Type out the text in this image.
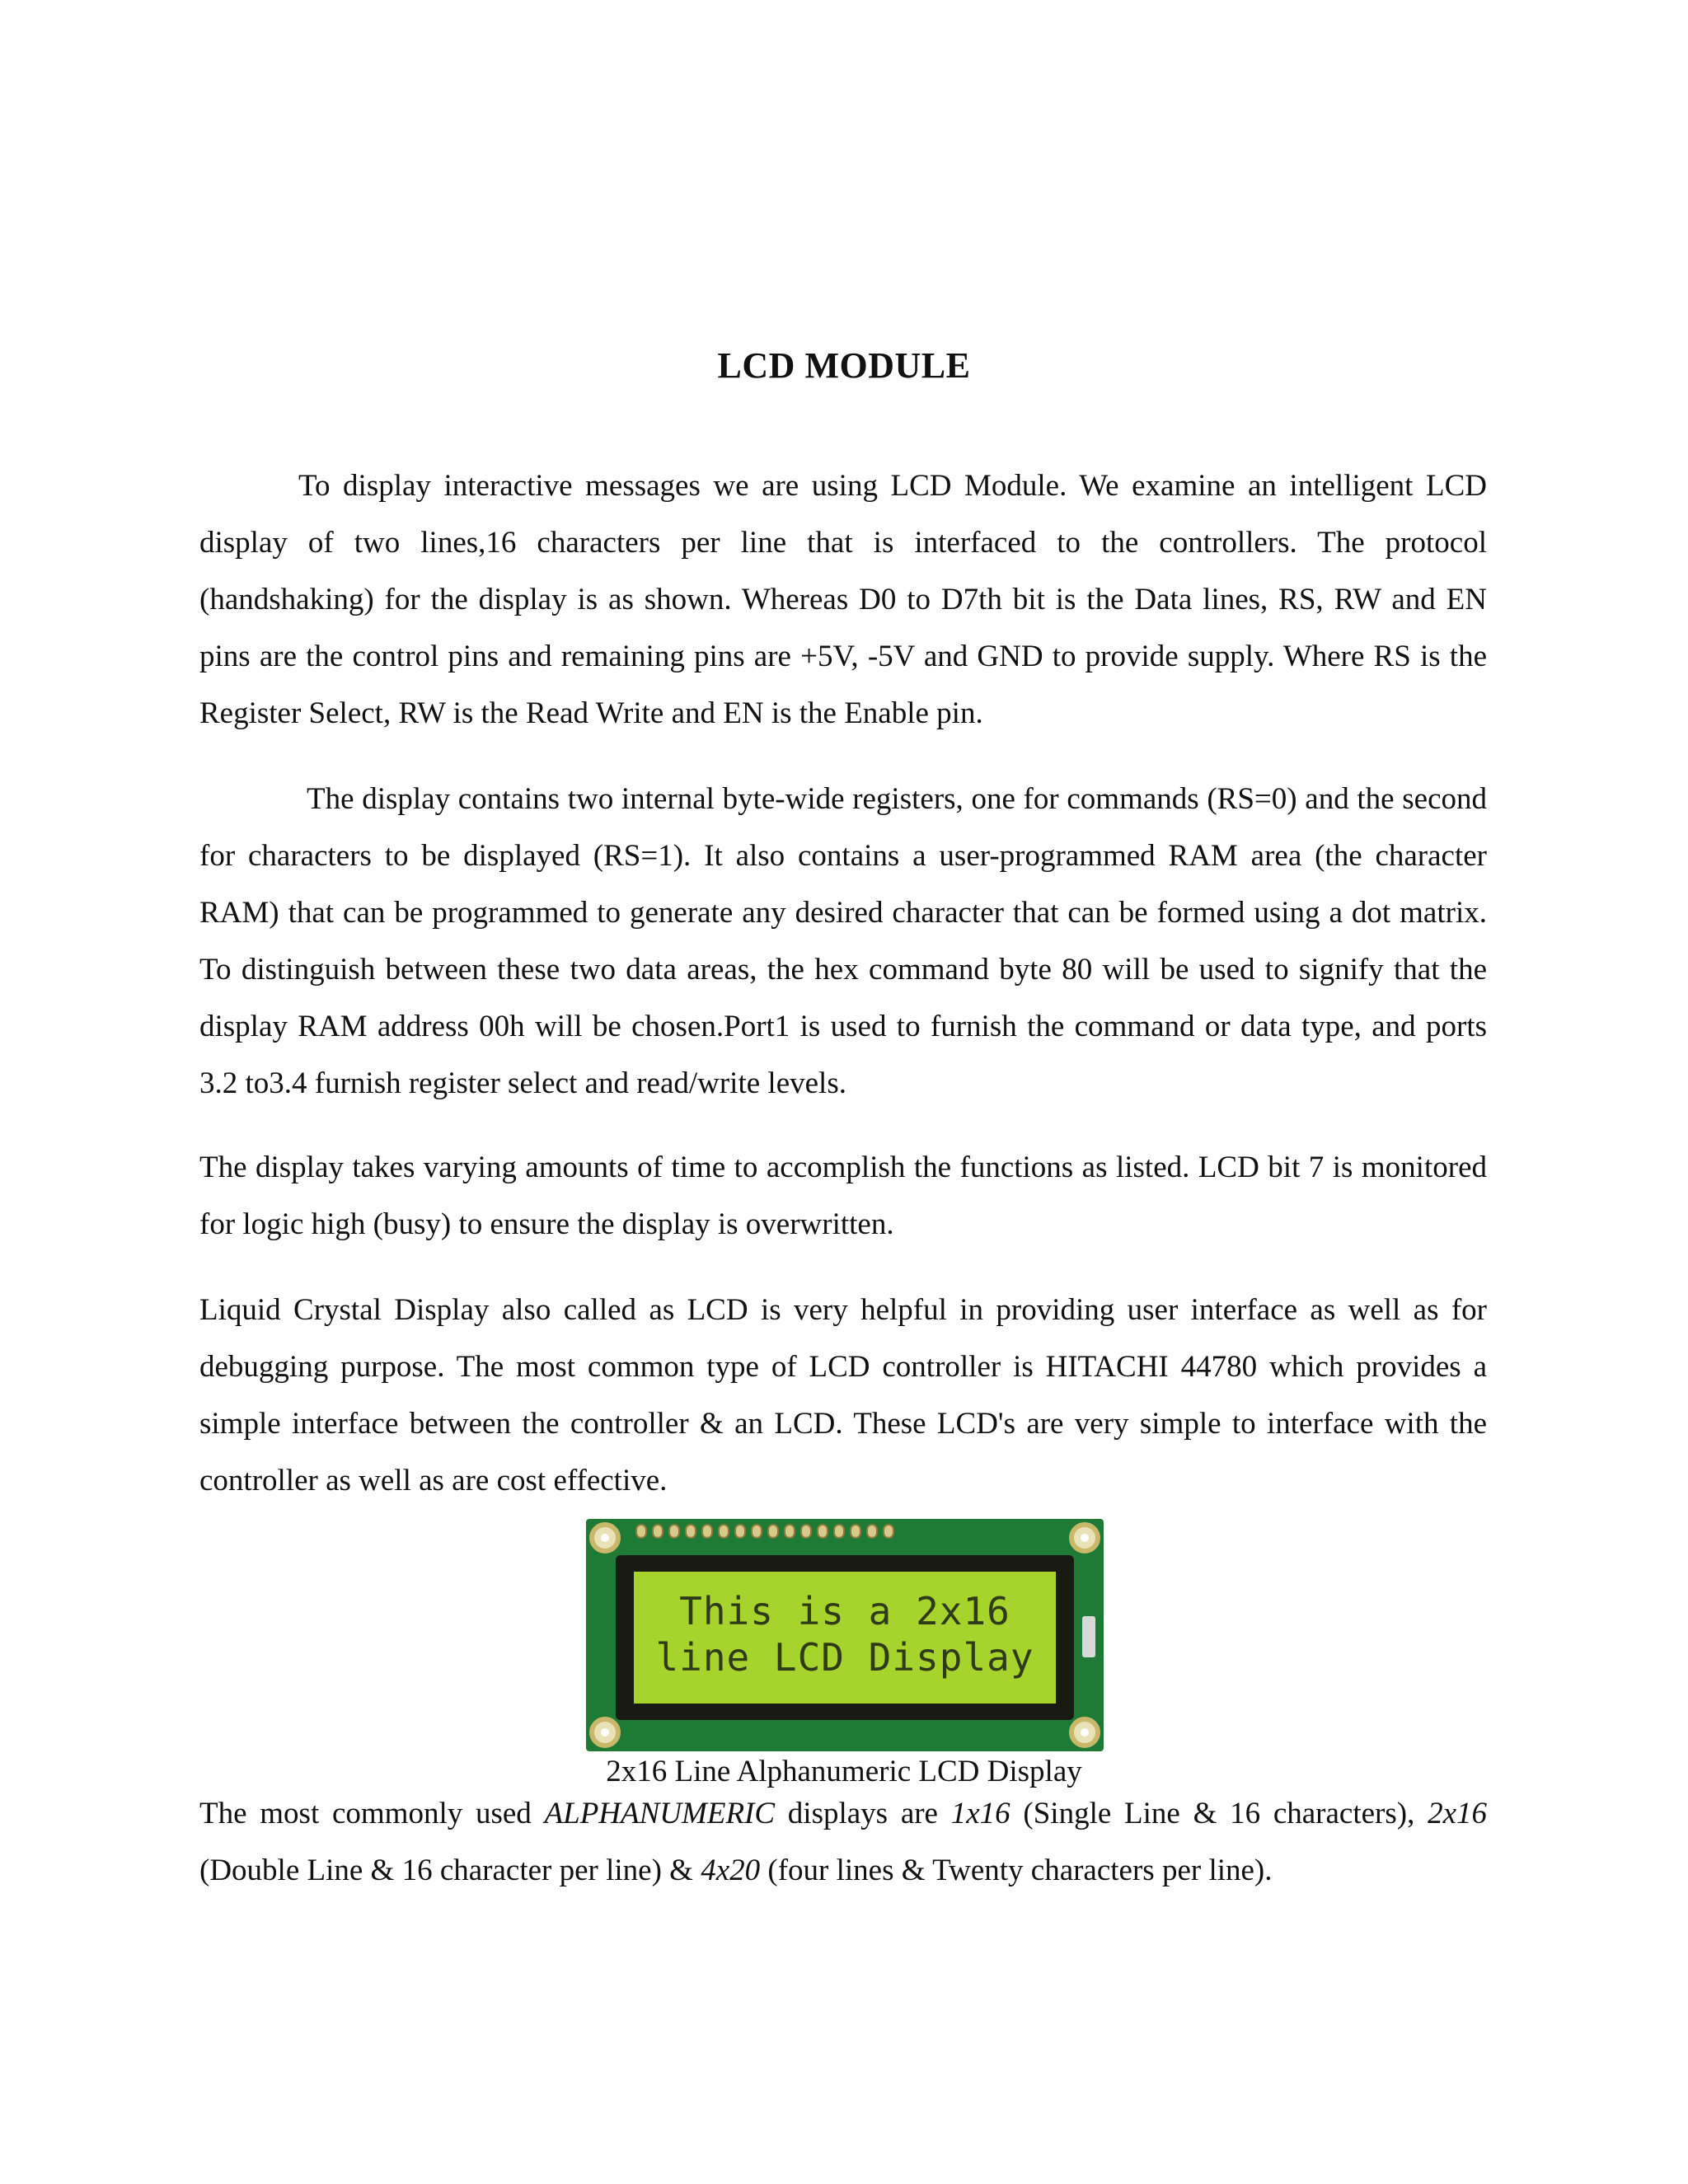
LCD MODULE

To display interactive messages we are using LCD Module. We examine an intelligent LCD display of two lines,16 characters per line that is interfaced to the controllers. The protocol (handshaking) for the display is as shown. Whereas D0 to D7th bit is the Data lines, RS, RW and EN pins are the control pins and remaining pins are +5V, -5V and GND to provide supply. Where RS is the Register Select, RW is the Read Write and EN is the Enable pin.

The display contains two internal byte-wide registers, one for commands (RS=0) and the second for characters to be displayed (RS=1). It also contains a user-programmed RAM area (the character RAM) that can be programmed to generate any desired character that can be formed using a dot matrix. To distinguish between these two data areas, the hex command byte 80 will be used to signify that the display RAM address 00h will be chosen.Port1 is used to furnish the command or data type, and ports 3.2 to3.4 furnish register select and read/write levels.

The display takes varying amounts of time to accomplish the functions as listed. LCD bit 7 is monitored for logic high (busy) to ensure the display is overwritten.

Liquid Crystal Display also called as LCD is very helpful in providing user interface as well as for debugging purpose. The most common type of LCD controller is HITACHI 44780 which provides a simple interface between the controller & an LCD. These LCD's are very simple to interface with the controller as well as are cost effective.

This is a 2x16
line LCD Display

2x16 Line Alphanumeric LCD Display

The most commonly used ALPHANUMERIC displays are 1x16 (Single Line & 16 characters), 2x16 (Double Line & 16 character per line) & 4x20 (four lines & Twenty characters per line).
